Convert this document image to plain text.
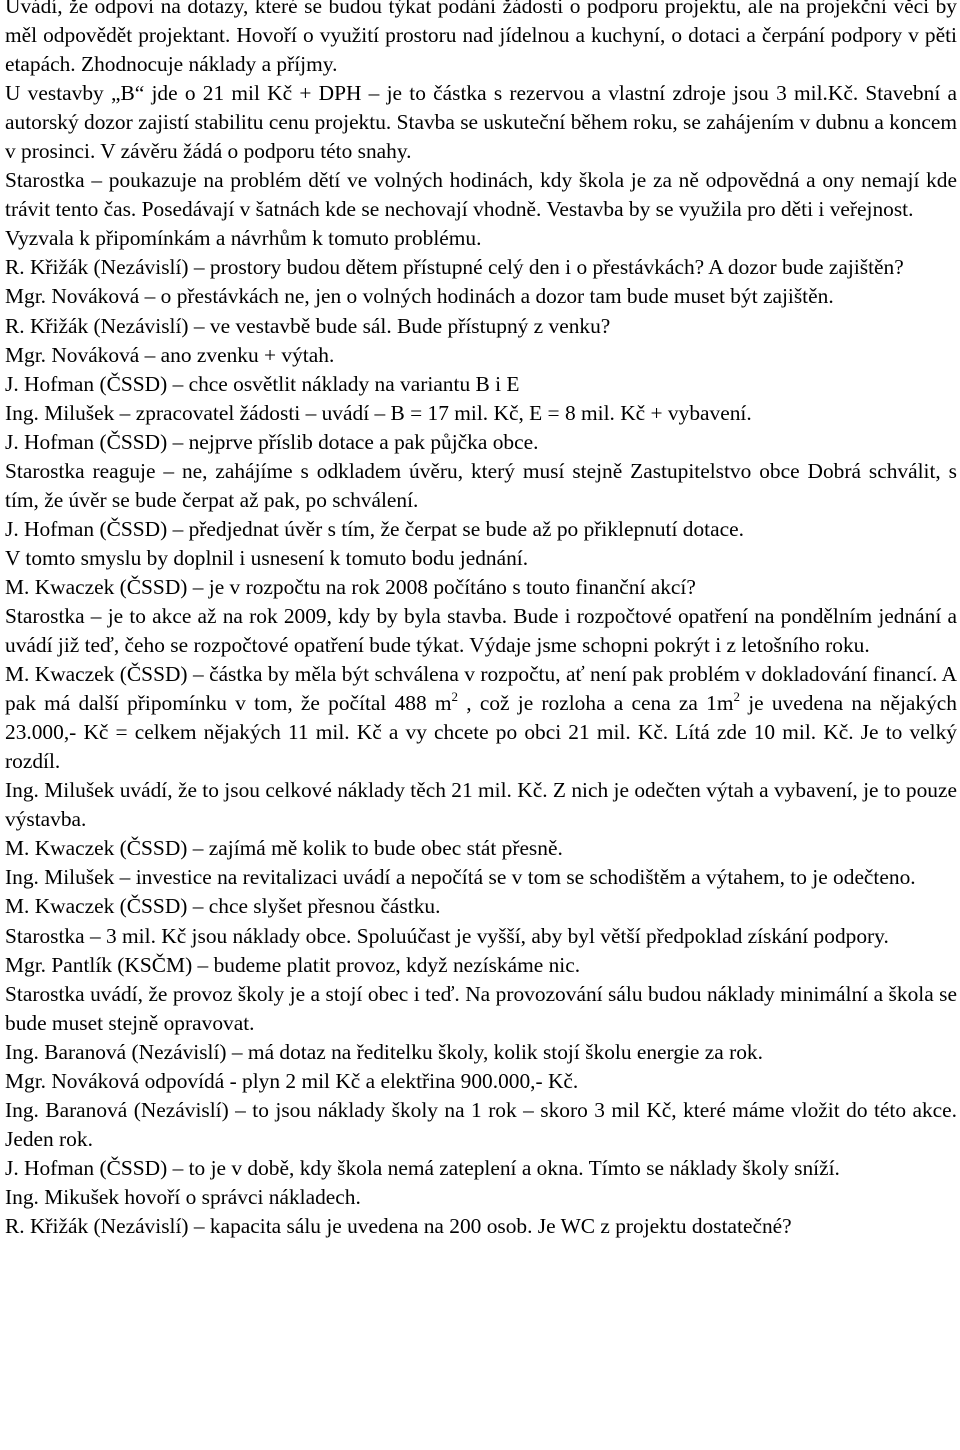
Uvádí, že odpoví na dotazy, které se budou týkat podání žádosti o podporu projektu, ale na projekční věci by měl odpovědět projektant. Hovoří o využití prostoru nad jídelnou a kuchyní, o dotaci a čerpání podpory v pěti etapách. Zhodnocuje náklady a příjmy.

U vestavby „B“ jde o 21 mil Kč + DPH – je to částka s rezervou a vlastní zdroje jsou 3 mil.Kč. Stavební a autorský dozor zajistí stabilitu cenu projektu. Stavba se uskuteční během roku, se zahájením v dubnu a koncem v prosinci. V závěru žádá o podporu této snahy.

Starostka – poukazuje na problém dětí ve volných hodinách, kdy škola je za ně odpovědná a ony nemají kde trávit tento čas. Posedávají v šatnách kde se nechovají vhodně. Vestavba by se využila pro děti i veřejnost.

Vyzvala k připomínkám a návrhům k tomuto problému.

R. Křižák (Nezávislí) – prostory budou dětem přístupné celý den i o přestávkách? A dozor bude zajištěn?

Mgr. Nováková – o přestávkách ne, jen o volných hodinách a dozor tam bude muset být zajištěn.

R. Křižák (Nezávislí) – ve vestavbě bude sál. Bude přístupný z venku?

Mgr. Nováková – ano zvenku + výtah.

J. Hofman (ČSSD) – chce osvětlit náklady na variantu B i E

Ing. Milušek – zpracovatel žádosti – uvádí – B = 17 mil. Kč, E = 8 mil. Kč + vybavení.

J. Hofman (ČSSD) – nejprve příslib dotace a pak půjčka obce.

Starostka reaguje – ne, zahájíme s odkladem úvěru, který musí stejně Zastupitelstvo obce Dobrá schválit, s tím, že úvěr se bude čerpat až pak, po schválení.

J. Hofman (ČSSD) – předjednat úvěr s tím, že čerpat se bude až po přiklepnutí dotace.

V tomto smyslu by doplnil i usnesení k tomuto bodu jednání.

M. Kwaczek (ČSSD) – je v rozpočtu na rok 2008 počítáno s touto finanční akcí?

Starostka – je to akce až na rok 2009, kdy by byla stavba. Bude i rozpočtové opatření na pondělním jednání a uvádí již teď, čeho se rozpočtové opatření bude týkat. Výdaje jsme schopni pokrýt i z letošního roku.

M. Kwaczek (ČSSD) – částka by měla být schválena v rozpočtu, ať není pak problém v dokladování financí. A pak má další připomínku v tom, že počítal 488 $m^2$ , což je rozloha a cena za $1m^2$ je uvedena na nějakých 23.000,- Kč = celkem nějakých 11 mil. Kč a vy chcete po obci 21 mil. Kč. Lítá zde 10 mil. Kč. Je to velký rozdíl.

Ing. Milušek uvádí, že to jsou celkové náklady těch 21 mil. Kč. Z nich je odečten výtah a vybavení, je to pouze výstavba.

M. Kwaczek (ČSSD) – zajímá mě kolik to bude obec stát přesně.

Ing. Milušek – investice na revitalizaci uvádí a nepočítá se v tom se schodištěm a výtahem, to je odečteno.

M. Kwaczek (ČSSD) – chce slyšet přesnou částku.

Starostka – 3 mil. Kč jsou náklady obce. Spoluúčast je vyšší, aby byl větší předpoklad získání podpory.

Mgr. Pantlík (KSČM) – budeme platit provoz, když nezískáme nic.

Starostka uvádí, že provoz školy je a stojí obec i teď. Na provozování sálu budou náklady minimální a škola se bude muset stejně opravovat.

Ing. Baranová (Nezávislí) – má dotaz na ředitelku školy, kolik stojí školu energie za rok.

Mgr. Nováková odpovídá - plyn 2 mil Kč a elektřina 900.000,- Kč.

Ing. Baranová (Nezávislí) – to jsou náklady školy na 1 rok – skoro 3 mil Kč, které máme vložit do této akce. Jeden rok.

J. Hofman (ČSSD) – to je v době, kdy škola nemá zateplení a okna. Tímto se náklady školy sníží.

Ing. Mikušek hovoří o správci nákladech.

R. Křižák (Nezávislí) – kapacita sálu je uvedena na 200 osob. Je WC z projektu dostatečné?
